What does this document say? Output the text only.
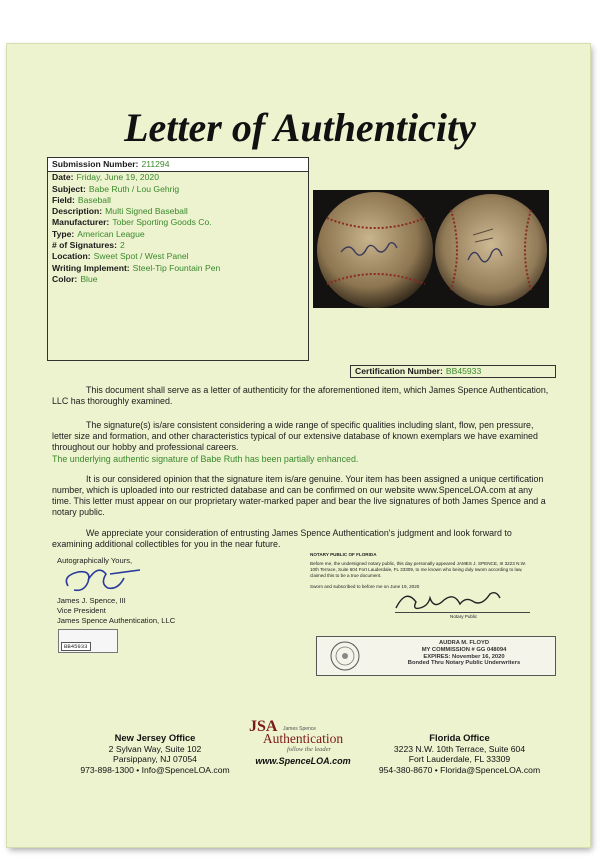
Letter of Authenticity
Submission Number: 211294
Date: Friday, June 19, 2020
Subject: Babe Ruth / Lou Gehrig
Field: Baseball
Description: Multi Signed Baseball
Manufacturer: Tober Sporting Goods Co.
Type: American League
# of Signatures: 2
Location: Sweet Spot / West Panel
Writing Implement: Steel-Tip Fountain Pen
Color: Blue
Certification Number: BB45933
This document shall serve as a letter of authenticity for the aforementioned item, which James Spence Authentication, LLC has thoroughly examined.
The signature(s) is/are consistent considering a wide range of specific qualities including slant, flow, pen pressure, letter size and formation, and other characteristics typical of our extensive database of known exemplars we have examined throughout our hobby and professional careers.
The underlying authentic signature of Babe Ruth has been partially enhanced.
It is our considered opinion that the signature item is/are genuine. Your item has been assigned a unique certification number, which is uploaded into our restricted database and can be confirmed on our website www.SpenceLOA.com at any time. This letter must appear on our proprietary water-marked paper and bear the live signatures of both James Spence and a notary public.
We appreciate your consideration of entrusting James Spence Authentication's judgment and look forward to examining additional collectibles for you in the near future.
Autographically Yours,
James J. Spence, III
Vice President
James Spence Authentication, LLC
BB45933
NOTARY PUBLIC OF FLORIDA
Before me, the undersigned notary public, this day personally appeared JAMES J. SPENCE, III 3223 N.W. 10th Terrace, Suite 604 Fort Lauderdale, FL 33309, to me known who being duly sworn according to law, claimed this to be a true document.
Sworn and subscribed to before me on June 19, 2020
Notary Public
AUDRA M. FLOYD
MY COMMISSION # GG 048094
EXPIRES: November 16, 2020
Bonded Thru Notary Public Underwriters
New Jersey Office
2 Sylvan Way, Suite 102
Parsippany, NJ 07054
973-898-1300 • Info@SpenceLOA.com
JSA	James Spence
Authentication
follow the leader
www.SpenceLOA.com
Florida Office
3223 N.W. 10th Terrace, Suite 604
Fort Lauderdale, FL 33309
954-380-8670 • Florida@SpenceLOA.com
